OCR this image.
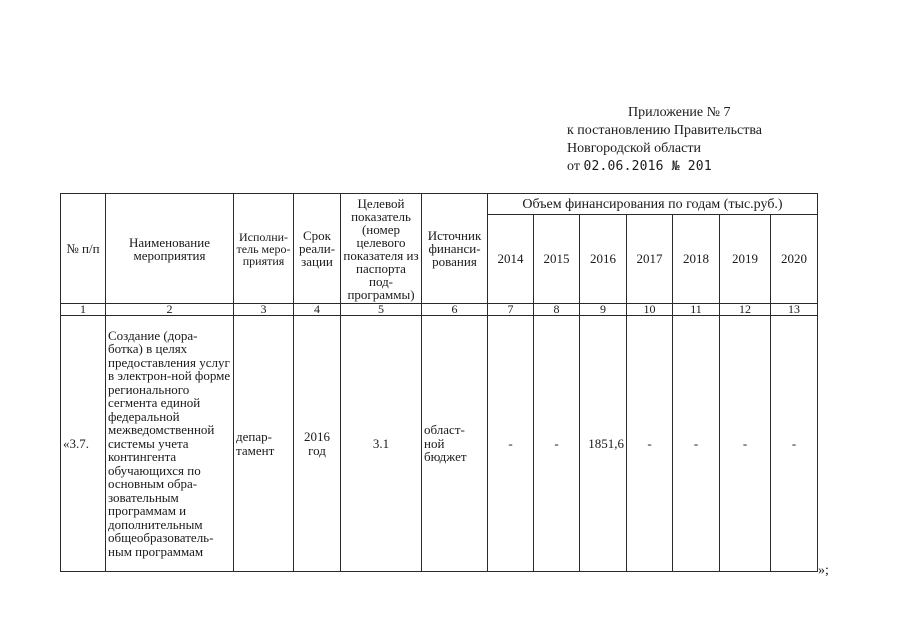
Приложение № 7
к постановлению Правительства
Новгородской области
от 02.06.2016 № 201
№ п/п	Наименование мероприятия	Исполни-тель меро-приятия	Срок реали-зации	Целевой показатель (номер целевого показателя из паспорта под-программы)	Источник финанси-рования	Объем финансирования по годам (тыс.руб.)						
						2014	2015	2016	2017	2018	2019	2020
1	2	3	4	5	6	7	8	9	10	11	12	13
«3.7.	Создание (дора-ботка) в целях предоставления услуг в электрон-ной форме регионального сегмента единой федеральной межведомственной системы учета контингента обучающихся по основным обра-зовательным программам и дополнительным общеобразователь-ным программам	депар-тамент	2016 год	3.1	област-ной бюджет	-	-	1851,6	-	-	-	-
»;
